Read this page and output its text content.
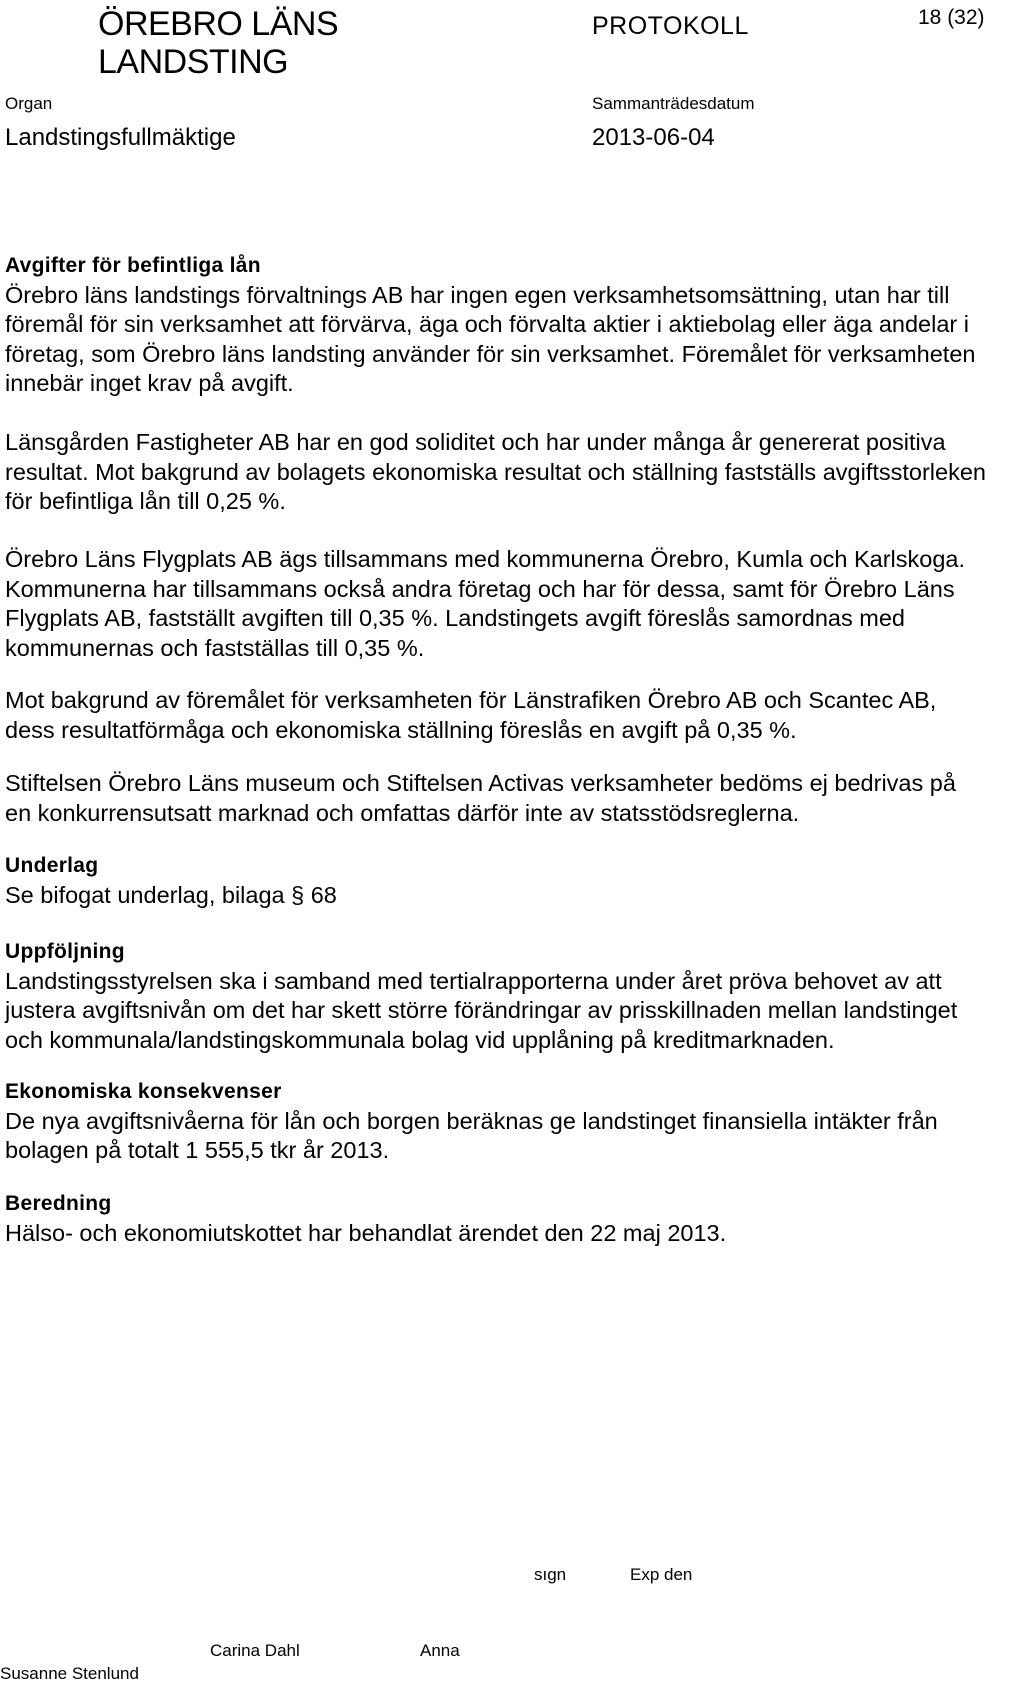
ÖREBRO LÄNS
LANDSTING
PROTOKOLL	18 (32)
Organ
Landstingsfullmäktige
Sammanträdesdatum
2013-06-04
Avgifter för befintliga lån

Örebro läns landstings förvaltnings AB har ingen egen verksamhetsomsättning, utan har till
föremål för sin verksamhet att förvärva, äga och förvalta aktier i aktiebolag eller äga andelar i
företag, som Örebro läns landsting använder för sin verksamhet. Föremålet för verksamheten
innebär inget krav på avgift.

Länsgården Fastigheter AB har en god soliditet och har under många år genererat positiva
resultat. Mot bakgrund av bolagets ekonomiska resultat och ställning fastställs avgiftsstorleken
för befintliga lån till 0,25 %.

Örebro Läns Flygplats AB ägs tillsammans med kommunerna Örebro, Kumla och Karlskoga.
Kommunerna har tillsammans också andra företag och har för dessa, samt för Örebro Läns
Flygplats AB, fastställt avgiften till 0,35 %. Landstingets avgift föreslås samordnas med
kommunernas och fastställas till 0,35 %.

Mot bakgrund av föremålet för verksamheten för Länstrafiken Örebro AB och Scantec AB,
dess resultatförmåga och ekonomiska ställning föreslås en avgift på 0,35 %.

Stiftelsen Örebro Läns museum och Stiftelsen Activas verksamheter bedöms ej bedrivas på
en konkurrensutsatt marknad och omfattas därför inte av statsstödsreglerna.

Underlag

Se bifogat underlag, bilaga § 68

Uppföljning

Landstingsstyrelsen ska i samband med tertialrapporterna under året pröva behovet av att
justera avgiftsnivån om det har skett större förändringar av prisskillnaden mellan landstinget
och kommunala/landstingskommunala bolag vid upplåning på kreditmarknaden.

Ekonomiska konsekvenser

De nya avgiftsnivåerna för lån och borgen beräknas ge landstinget finansiella intäkter från
bolagen på totalt 1 555,5 tkr år 2013.

Beredning

Hälso- och ekonomiutskottet har behandlat ärendet den 22 maj 2013.

sıgn	Exp den
Susanne Stenlund
Carina Dahl	Anna
